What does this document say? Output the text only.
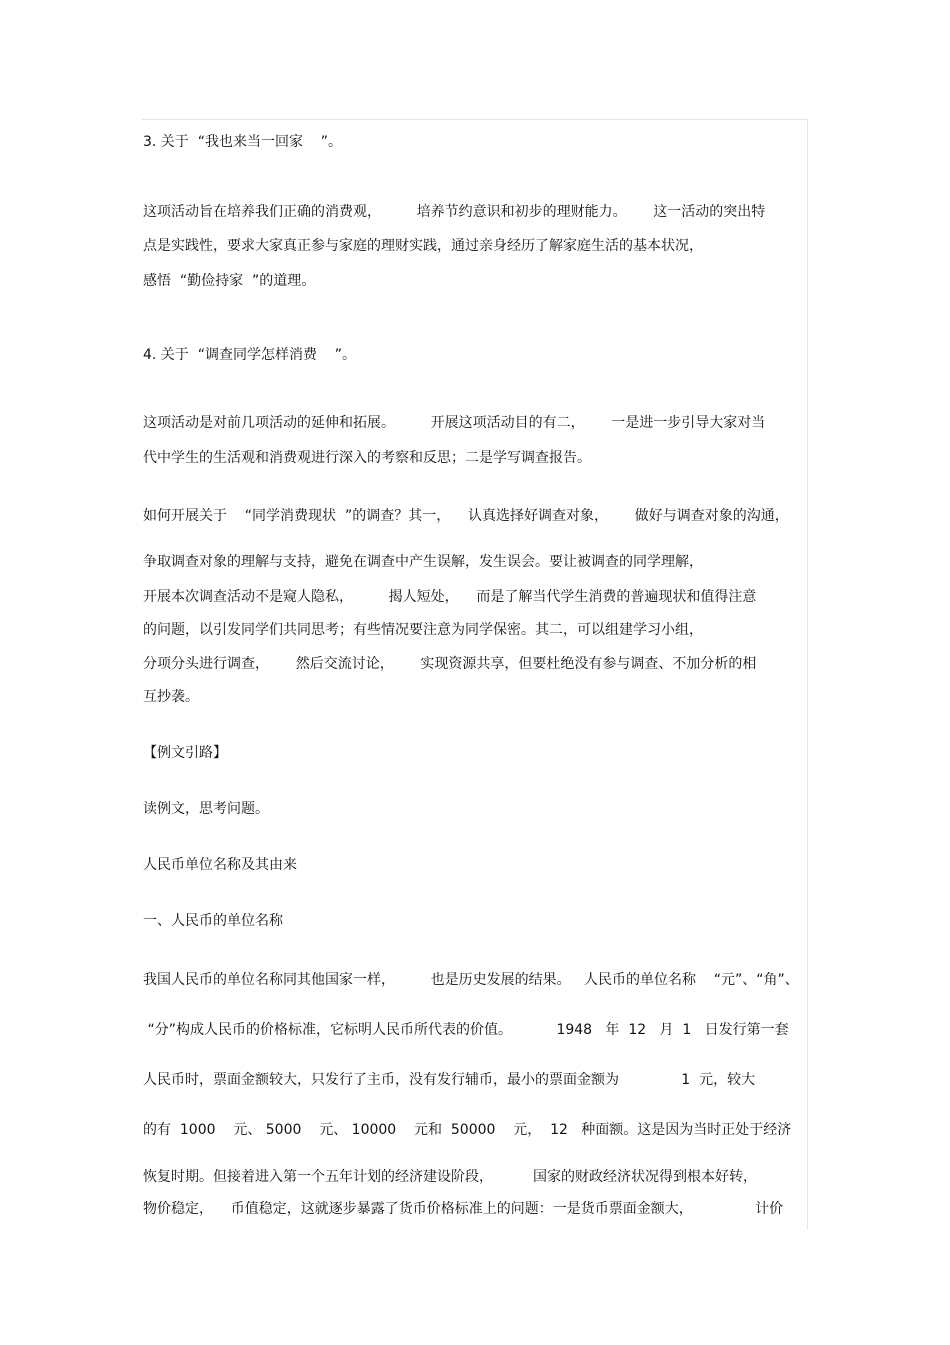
3. 关于  “我也来当一回家    ”。

这项活动旨在培养我们正确的消费观，        培养节约意识和初步的理财能力。      这一活动的突出特

点是实践性，要求大家真正参与家庭的理财实践，通过亲身经历了解家庭生活的基本状况，

感悟  “勤俭持家  ”的道理。

4. 关于  “调查同学怎样消费    ”。

这项活动是对前几项活动的延伸和拓展。        开展这项活动目的有二，      一是进一步引导大家对当

代中学生的生活观和消费观进行深入的考察和反思；二是学写调查报告。

如何开展关于    “同学消费现状  ”的调查？其一，    认真选择好调查对象，      做好与调查对象的沟通，

争取调查对象的理解与支持，避免在调查中产生误解，发生误会。要让被调查的同学理解，

开展本次调查活动不是窥人隐私，        揭人短处，    而是了解当代学生消费的普遍现状和值得注意

的问题，以引发同学们共同思考；有些情况要注意为同学保密。其二，可以组建学习小组，

分项分头进行调查，      然后交流讨论，      实现资源共享，但要杜绝没有参与调查、不加分析的相

互抄袭。

【例文引路】

读例文，思考问题。

人民币单位名称及其由来

一、人民币的单位名称

我国人民币的单位名称同其他国家一样，        也是历史发展的结果。   人民币的单位名称    “元”、“角”、

“分”构成人民币的价格标准，它标明人民币所代表的价值。          1948   年  12   月  1   日发行第一套

人民币时，票面金额较大，只发行了主币，没有发行辅币，最小的票面金额为              1  元，较大

的有  1000    元、 5000    元、 10000    元和  50000    元，  12   种面额。这是因为当时正处于经济

恢复时期。但接着进入第一个五年计划的经济建设阶段，         国家的财政经济状况得到根本好转，

物价稳定，    币值稳定，这就逐步暴露了货币价格标准上的问题：一是货币票面金额大，              计价
